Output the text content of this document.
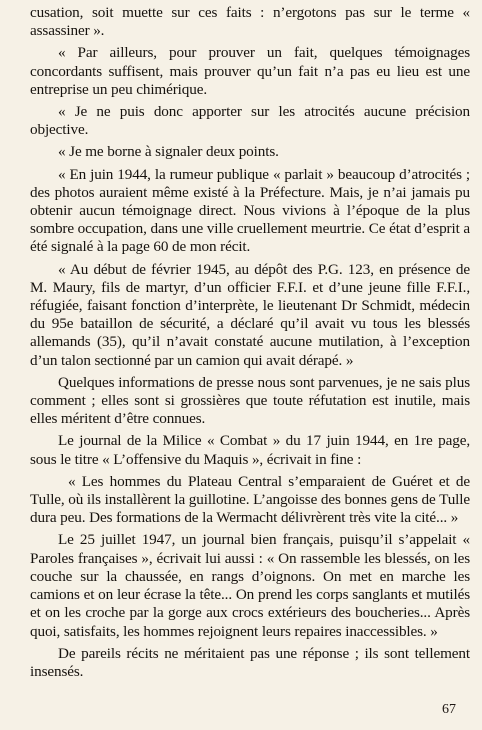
cusation, soit muette sur ces faits : n’ergotons pas sur le terme « assassiner ».

« Par ailleurs, pour prouver un fait, quelques témoignages concordants suffisent, mais prouver qu’un fait n’a pas eu lieu est une entreprise un peu chimérique.

« Je ne puis donc apporter sur les atrocités aucune précision objective.

« Je me borne à signaler deux points.

« En juin 1944, la rumeur publique « parlait » beaucoup d’atrocités ; des photos auraient même existé à la Préfecture. Mais, je n’ai jamais pu obtenir aucun témoignage direct. Nous vivions à l’époque de la plus sombre occupation, dans une ville cruellement meurtrie. Ce état d’esprit a été signalé à la page 60 de mon récit.

« Au début de février 1945, au dépôt des P.G. 123, en présence de M. Maury, fils de martyr, d’un officier F.F.I. et d’une jeune fille F.F.I., réfugiée, faisant fonction d’interprète, le lieutenant Dr Schmidt, médecin du 95e bataillon de sécurité, a déclaré qu’il avait vu tous les blessés allemands (35), qu’il n’avait constaté aucune mutilation, à l’exception d’un talon sectionné par un camion qui avait dérapé. »

Quelques informations de presse nous sont parvenues, je ne sais plus comment ; elles sont si grossières que toute réfutation est inutile, mais elles méritent d’être connues.

Le journal de la Milice « Combat » du 17 juin 1944, en 1re page, sous le titre « L’offensive du Maquis », écrivait in fine :

« Les hommes du Plateau Central s’emparaient de Guéret et de Tulle, où ils installèrent la guillotine. L’angoisse des bonnes gens de Tulle dura peu. Des formations de la Wermacht délivrèrent très vite la cité... »

Le 25 juillet 1947, un journal bien français, puisqu’il s’appelait « Paroles françaises », écrivait lui aussi : « On rassemble les blessés, on les couche sur la chaussée, en rangs d’oignons. On met en marche les camions et on leur écrase la tête... On prend les corps sanglants et mutilés et on les croche par la gorge aux crocs extérieurs des boucheries... Après quoi, satisfaits, les hommes rejoignent leurs repaires inaccessibles. »

De pareils récits ne méritaient pas une réponse ; ils sont tellement insensés.

67
